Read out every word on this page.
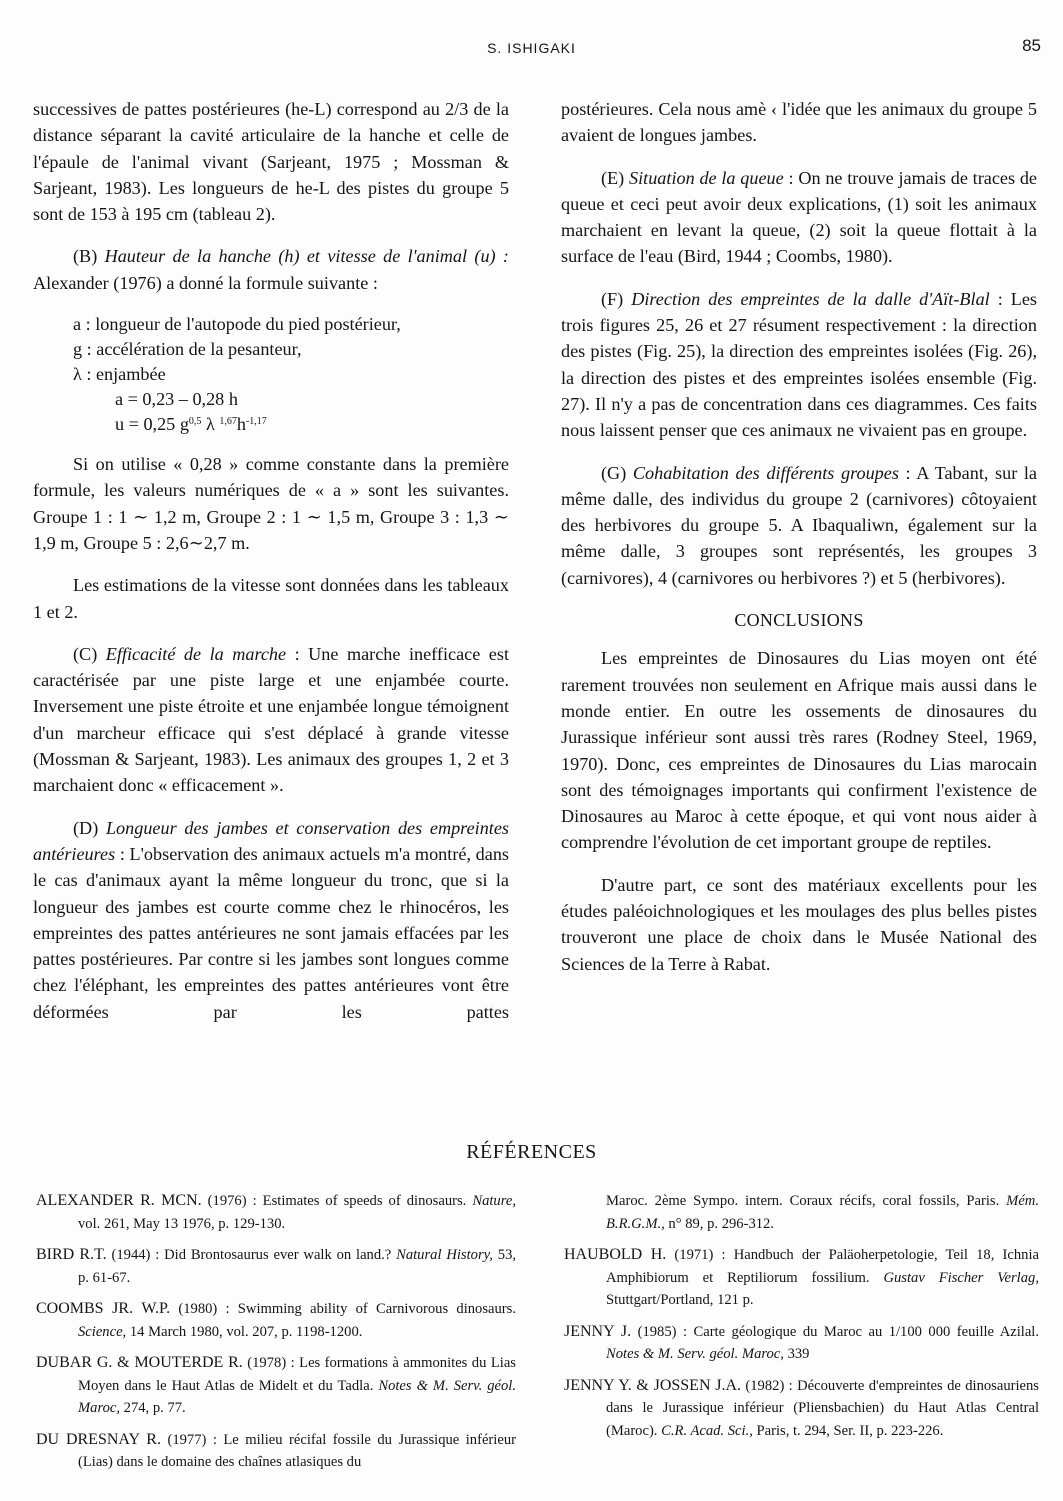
S. ISHIGAKI	85

successives de pattes postérieures (he-L) correspond au 2/3 de la distance séparant la cavité articulaire de la hanche et celle de l'épaule de l'animal vivant (Sarjeant, 1975 ; Mossman & Sarjeant, 1983). Les longueurs de he-L des pistes du groupe 5 sont de 153 à 195 cm (tableau 2).

(B) Hauteur de la hanche (h) et vitesse de l'animal (u) : Alexander (1976) a donné la formule suivante :

a : longueur de l'autopode du pied postérieur,
g : accélération de la pesanteur,
λ : enjambée
a = 0,23 – 0,28 h
u = 0,25 $g^{0,5}$ λ $^{1,67}h^{-1,17}$

Si on utilise « 0,28 » comme constante dans la première formule, les valeurs numériques de « a » sont les suivantes. Groupe 1 : 1 ∼ 1,2 m, Groupe 2 : 1 ∼ 1,5 m, Groupe 3 : 1,3 ∼ 1,9 m, Groupe 5 : 2,6∼2,7 m.

Les estimations de la vitesse sont données dans les tableaux 1 et 2.

(C) Efficacité de la marche : Une marche inefficace est caractérisée par une piste large et une enjambée courte. Inversement une piste étroite et une enjambée longue témoignent d'un marcheur efficace qui s'est déplacé à grande vitesse (Mossman & Sarjeant, 1983). Les animaux des groupes 1, 2 et 3 marchaient donc « efficacement ».

(D) Longueur des jambes et conservation des empreintes antérieures : L'observation des animaux actuels m'a montré, dans le cas d'animaux ayant la même longueur du tronc, que si la longueur des jambes est courte comme chez le rhinocéros, les empreintes des pattes antérieures ne sont jamais effacées par les pattes postérieures. Par contre si les jambes sont longues comme chez l'éléphant, les empreintes des pattes antérieures vont être déformées par les pattes

postérieures. Cela nous amè ‹ l'idée que les animaux du groupe 5 avaient de longues jambes.

(E) Situation de la queue : On ne trouve jamais de traces de queue et ceci peut avoir deux explications, (1) soit les animaux marchaient en levant la queue, (2) soit la queue flottait à la surface de l'eau (Bird, 1944 ; Coombs, 1980).

(F) Direction des empreintes de la dalle d'Aït-Blal : Les trois figures 25, 26 et 27 résument respectivement : la direction des pistes (Fig. 25), la direction des empreintes isolées (Fig. 26), la direction des pistes et des empreintes isolées ensemble (Fig. 27). Il n'y a pas de concentration dans ces diagrammes. Ces faits nous laissent penser que ces animaux ne vivaient pas en groupe.

(G) Cohabitation des différents groupes : A Tabant, sur la même dalle, des individus du groupe 2 (carnivores) côtoyaient des herbivores du groupe 5. A Ibaqualiwn, également sur la même dalle, 3 groupes sont représentés, les groupes 3 (carnivores), 4 (carnivores ou herbivores ?) et 5 (herbivores).

CONCLUSIONS

Les empreintes de Dinosaures du Lias moyen ont été rarement trouvées non seulement en Afrique mais aussi dans le monde entier. En outre les ossements de dinosaures du Jurassique inférieur sont aussi très rares (Rodney Steel, 1969, 1970). Donc, ces empreintes de Dinosaures du Lias marocain sont des témoignages importants qui confirment l'existence de Dinosaures au Maroc à cette époque, et qui vont nous aider à comprendre l'évolution de cet important groupe de reptiles.

D'autre part, ce sont des matériaux excellents pour les études paléoichnologiques et les moulages des plus belles pistes trouveront une place de choix dans le Musée National des Sciences de la Terre à Rabat.

RÉFÉRENCES
ALEXANDER R. MCN. (1976) : Estimates of speeds of dinosaurs. Nature, vol. 261, May 13 1976, p. 129-130.
BIRD R.T. (1944) : Did Brontosaurus ever walk on land.? Natural History, 53, p. 61-67.
COOMBS JR. W.P. (1980) : Swimming ability of Carnivorous dinosaurs. Science, 14 March 1980, vol. 207, p. 1198-1200.
DUBAR G. & MOUTERDE R. (1978) : Les formations à ammonites du Lias Moyen dans le Haut Atlas de Midelt et du Tadla. Notes & M. Serv. géol. Maroc, 274, p. 77.
DU DRESNAY R. (1977) : Le milieu récifal fossile du Jurassique inférieur (Lias) dans le domaine des chaînes atlasiques du
Maroc. 2ème Sympo. intern. Coraux récifs, coral fossils, Paris. Mém. B.R.G.M., n° 89, p. 296-312.
HAUBOLD H. (1971) : Handbuch der Paläoherpetologie, Teil 18, Ichnia Amphibiorum et Reptiliorum fossilium. Gustav Fischer Verlag, Stuttgart/Portland, 121 p.
JENNY J. (1985) : Carte géologique du Maroc au 1/100 000 feuille Azilal. Notes & M. Serv. géol. Maroc, 339
JENNY Y. & JOSSEN J.A. (1982) : Découverte d'empreintes de dinosauriens dans le Jurassique inférieur (Pliensbachien) du Haut Atlas Central (Maroc). C.R. Acad. Sci., Paris, t. 294, Ser. II, p. 223-226.
